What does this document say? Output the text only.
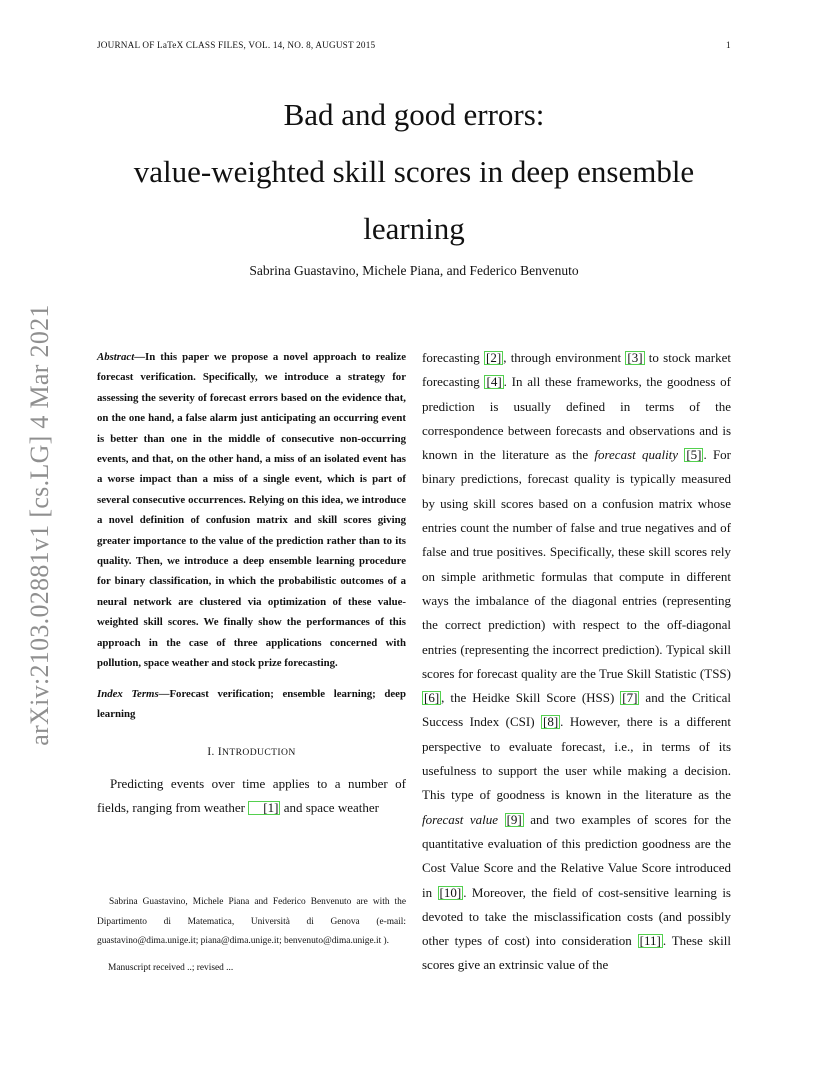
JOURNAL OF LaTeX CLASS FILES, VOL. 14, NO. 8, AUGUST 2015	1
Bad and good errors:
value-weighted skill scores in deep ensemble
learning
Sabrina Guastavino, Michele Piana, and Federico Benvenuto
arXiv:2103.02881v1 [cs.LG] 4 Mar 2021	Abstract—In this paper we propose a novel approach to realize forecast verification. Specifically, we introduce a strategy for assessing the severity of forecast errors based on the evidence that, on the one hand, a false alarm just anticipating an occurring event is better than one in the middle of consecutive non-occurring events, and that, on the other hand, a miss of an isolated event has a worse impact than a miss of a single event, which is part of several consecutive occurrences. Relying on this idea, we introduce a novel definition of confusion matrix and skill scores giving greater importance to the value of the prediction rather than to its quality. Then, we introduce a deep ensemble learning procedure for binary classification, in which the probabilistic outcomes of a neural network are clustered via optimization of these value-weighted skill scores. We finally show the performances of this approach in the case of three applications concerned with pollution, space weather and stock prize forecasting.

Index Terms—Forecast verification; ensemble learning; deep learning

I. INTRODUCTION

Predicting events over time applies to a number of fields, ranging from weather [1] and space weather

forecasting [2] , through environment [3] to stock market forecasting [4] . In all these frameworks, the goodness of prediction is usually defined in terms of the correspondence between forecasts and observations and is known in the literature as the forecast quality [5] . For binary predictions, forecast quality is typically measured by using skill scores based on a confusion matrix whose entries count the number of false and true negatives and of false and true positives. Specifically, these skill scores rely on simple arithmetic formulas that compute in different ways the imbalance of the diagonal entries (representing the correct prediction) with respect to the off-diagonal entries (representing the incorrect prediction). Typical skill scores for forecast quality are the True Skill Statistic (TSS) [6] , the Heidke Skill Score (HSS) [7] and the Critical Success Index (CSI) [8] . However, there is a different perspective to evaluate forecast, i.e., in terms of its usefulness to support the user while making a decision. This type of goodness is known in the literature as the forecast value [9] and two examples of scores for the quantitative evaluation of this prediction goodness are the Cost Value Score and the Relative Value Score introduced in [10] . Moreover, the field of cost-sensitive learning is devoted to take the misclassification costs (and possibly other types of cost) into consideration [11] . These skill scores give an extrinsic value of the

Sabrina Guastavino, Michele Piana and Federico Benvenuto are with the Dipartimento di Matematica, Università di Genova (e-mail: guastavino@dima.unige.it; piana@dima.unige.it; benvenuto@dima.unige.it ).

Manuscript received ..; revised ...
